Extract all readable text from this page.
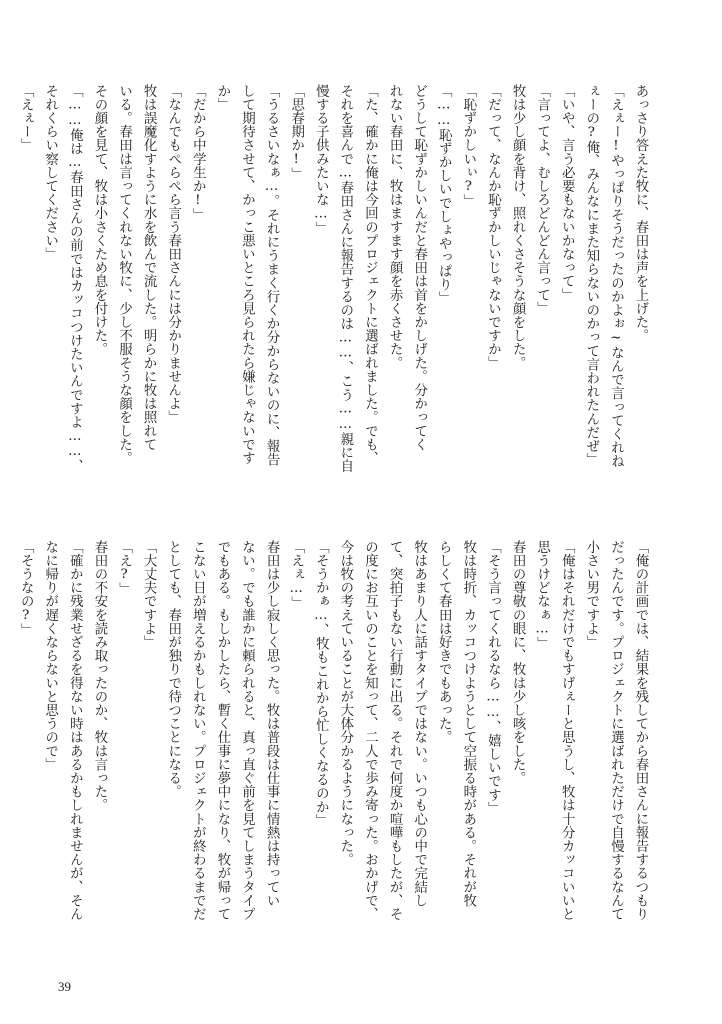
あっさり答えた牧に、春田は声を上げた。
「えぇー!やっぱりそうだったのかよぉ~なんで言ってくれね
ぇーの?俺、みんなにまた知らないのかって言われたんだぜ」
「いや、言う必要もないかなって」
「言ってよ、むしろどんどん言って」
牧は少し顔を背け、照れくさそうな顔をした。
「だって、なんか恥ずかしいじゃないですか」
「恥ずかしいぃ?」
「……恥ずかしいでしょやっぱり」
どうして恥ずかしいんだと春田は首をかしげた。分かってく
れない春田に、牧はますます顔を赤くさせた。
「た、確かに俺は今回のプロジェクトに選ばれました。でも、
それを喜んで…春田さんに報告するのは……、こう……親に自
慢する子供みたいな…」
「思春期か!」
「うるさいなぁ…。それにうまく行くか分からないのに、報告
して期待させて、かっこ悪いところ見られたら嫌じゃないです
か」
「だから中学生か!」
「なんでもぺらぺら言う春田さんには分かりませんよ」
牧は誤魔化すように水を飲んで流した。明らかに牧は照れて
いる。春田は言ってくれない牧に、少し不服そうな顔をした。
その顔を見て、牧は小さくため息を付けた。
「……俺は…春田さんの前ではカッコつけたいんですよ……、
それくらい察してください」
「えぇー」
「俺の計画では、結果を残してから春田さんに報告するつもり
だったんです。プロジェクトに選ばれただけで自慢するなんて
小さい男ですよ」
「俺はそれだけでもすげぇーと思うし、牧は十分カッコいいと
思うけどなぁ…」
春田の尊敬の眼に、牧は少し咳をした。
「そう言ってくれるなら……、嬉しいです」
牧は時折、カッコつけようとして空振る時がある。それが牧
らしくて春田は好きでもあった。
牧はあまり人に話すタイプではない。いつも心の中で完結し
て、突拍子もない行動に出る。それで何度か喧嘩もしたが、そ
の度にお互いのことを知って、二人で歩み寄った。おかげで、
今は牧の考えていることが大体分かるようになった。
「そうかぁ…、牧もこれから忙しくなるのか」
「えぇ…」
春田は少し寂しく思った。牧は普段は仕事に情熱は持ってい
ない。でも誰かに頼られると、真っ直ぐ前を見てしまうタイプ
でもある。もしかしたら、暫く仕事に夢中になり、牧が帰って
こない日が増えるかもしれない。プロジェクトが終わるまでだ
としても、春田が独りで待つことになる。
「大丈夫ですよ」
「え?」
春田の不安を読み取ったのか、牧は言った。
「確かに残業せざるを得ない時はあるかもしれませんが、そん
なに帰りが遅くならないと思うので」
「そうなの?」
39
